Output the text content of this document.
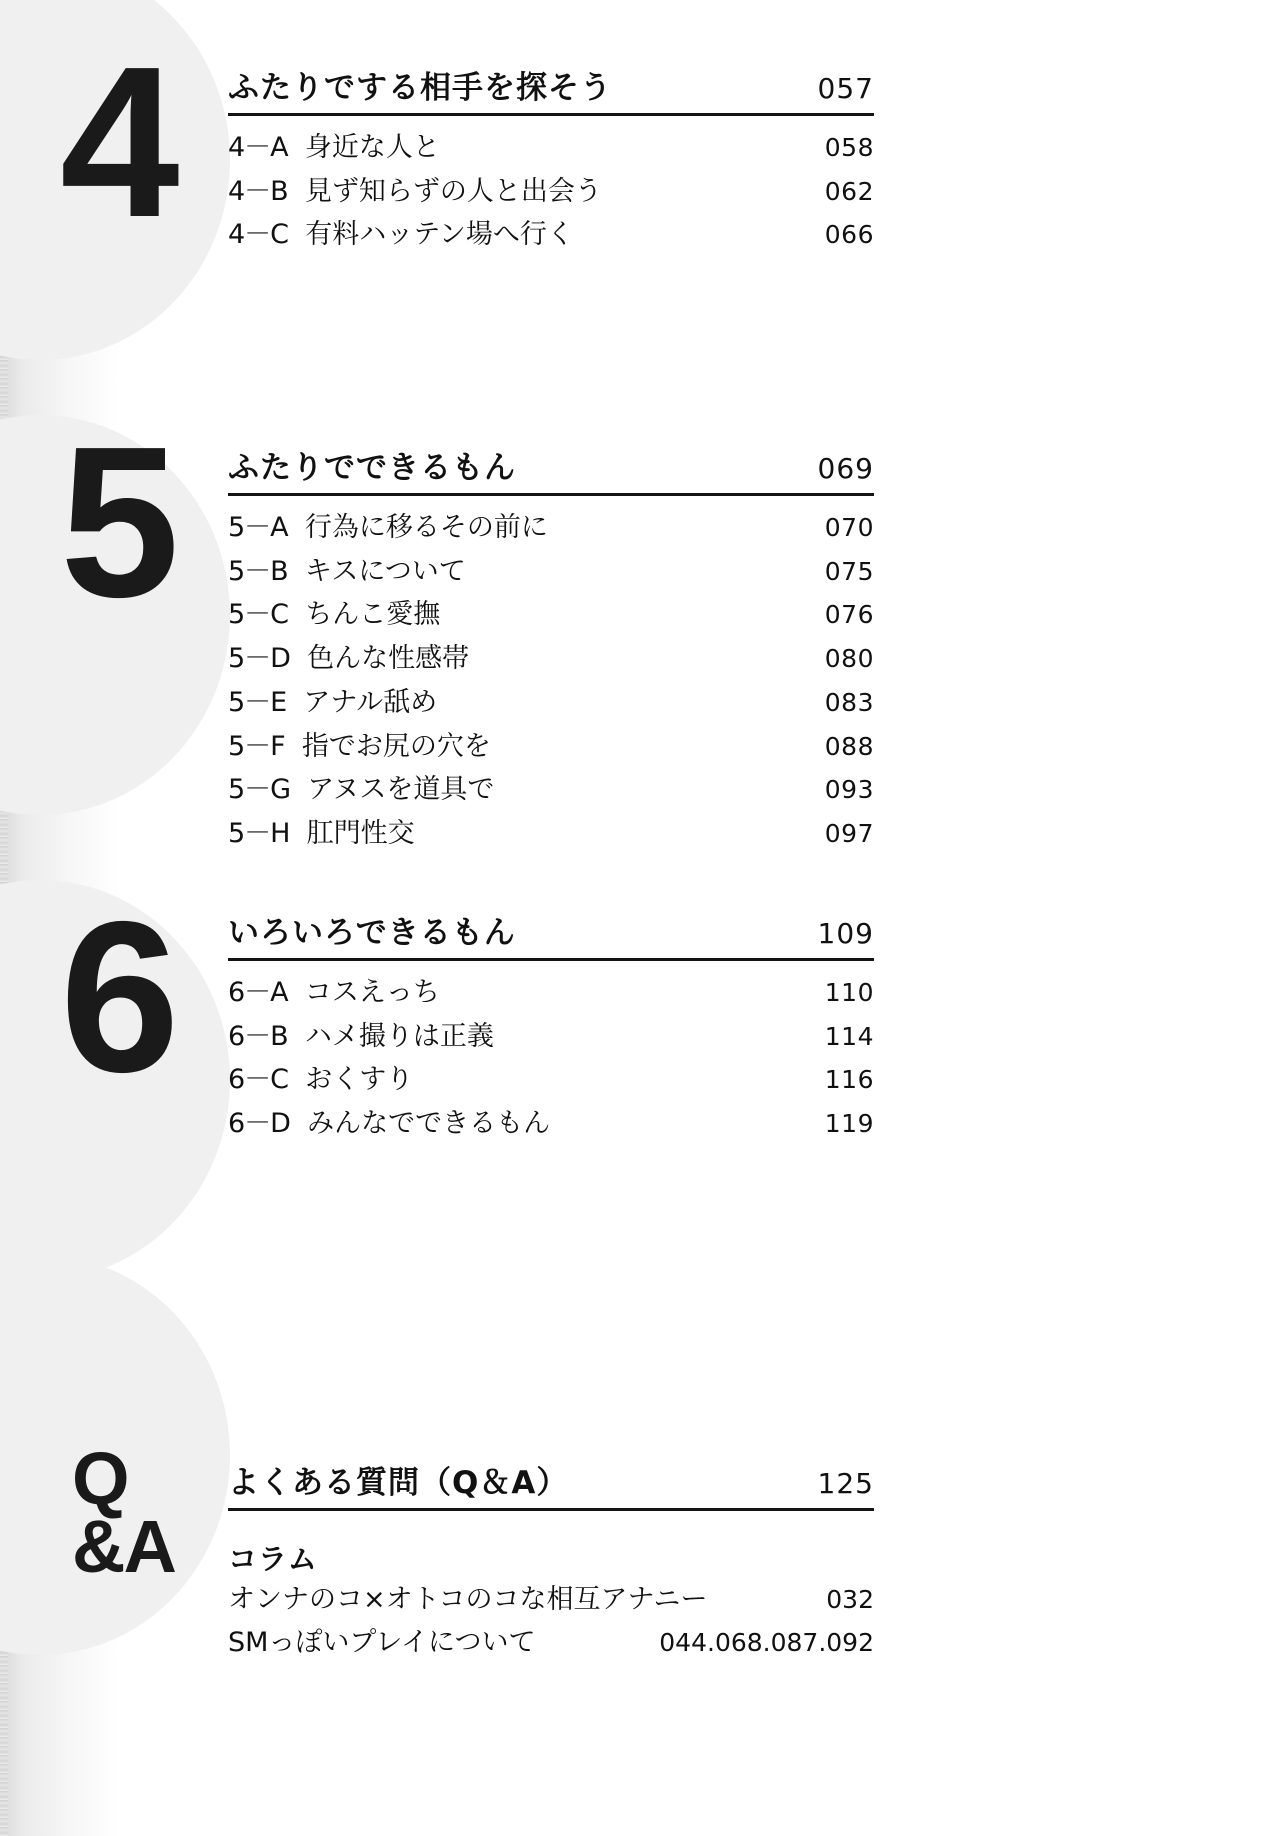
4 ふたりでする相手を探そう	057
4－A 身近な人と	058
4－B 見ず知らずの人と出会う	062
4－C 有料ハッテン場へ行く	066
5 ふたりでできるもん	069
5－A 行為に移るその前に	070
5－B キスについて	075
5－C ちんこ愛撫	076
5－D 色んな性感帯	080
5－E アナル舐め	083
5－F 指でお尻の穴を	088
5－G アヌスを道具で	093
5－H 肛門性交	097
6 いろいろできるもん	109
6－A コスえっち	110
6－B ハメ撮りは正義	114
6－C おくすり	116
6－D みんなでできるもん	119
Q
&A
よくある質問（Q＆A）	125
コラム
オンナのコ×オトコのコな相互アナニー	032
SMっぽいプレイについて	044.068.087.092
